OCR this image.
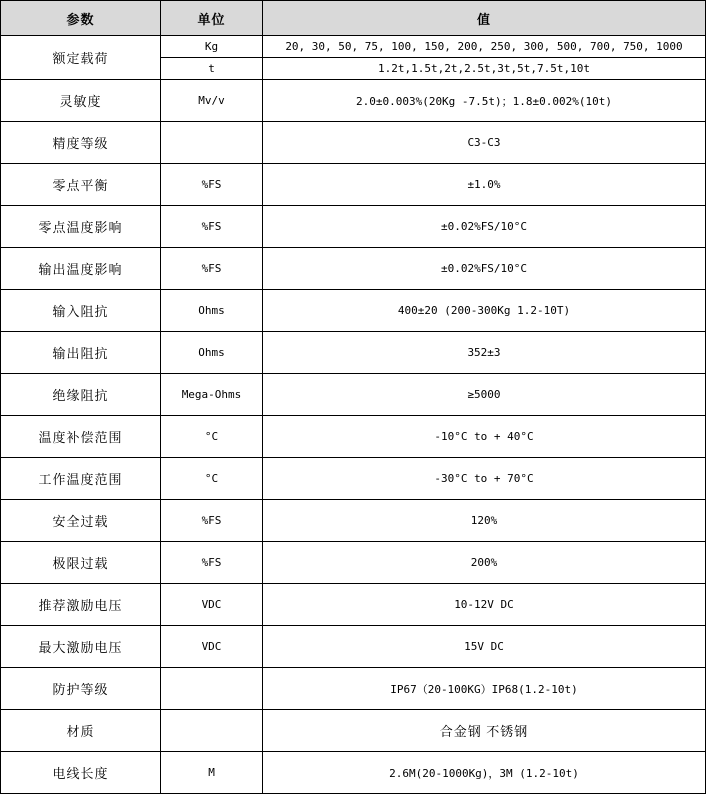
参数	单位	值
额定载荷	Kg	20, 30, 50, 75, 100, 150, 200, 250, 300, 500, 700, 750, 1000
	t	1.2t,1.5t,2t,2.5t,3t,5t,7.5t,10t
灵敏度	Mv/v	2.0±0.003%(20Kg -7.5t)；1.8±0.002%(10t)
精度等级		C3-C3
零点平衡	%FS	±1.0%
零点温度影响	%FS	±0.02%FS/10°C
输出温度影响	%FS	±0.02%FS/10°C
输入阻抗	Ohms	400±20 (200-300Kg 1.2-10T)
输出阻抗	Ohms	352±3
绝缘阻抗	Mega-Ohms	≥5000
温度补偿范围	°C	-10°C to + 40°C
工作温度范围	°C	-30°C to + 70°C
安全过载	%FS	120%
极限过载	%FS	200%
推荐激励电压	VDC	10-12V DC
最大激励电压	VDC	15V DC
防护等级		IP67（20-100KG）IP68(1.2-10t)
材质		合金钢 不锈钢
电线长度	M	2.6M(20-1000Kg)，3M (1.2-10t)
